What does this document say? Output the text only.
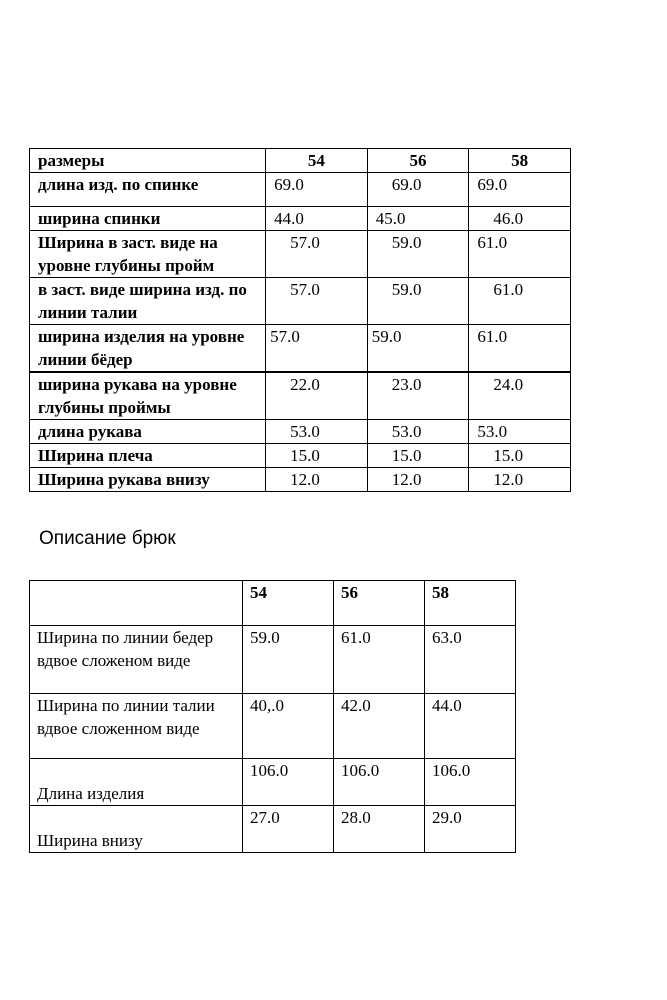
размеры	54	56	58
длина изд. по спинке	69.0	69.0	69.0
ширина спинки	44.0	45.0	46.0
Ширина в заст. виде на уровне глубины пройм	57.0	59.0	61.0
в заст. виде ширина изд. по линии талии	57.0	59.0	61.0
ширина изделия на уровне линии бёдер	57.0	59.0	61.0
ширина рукава на уровне глубины проймы	22.0	23.0	24.0
длина рукава	53.0	53.0	53.0
Ширина плеча	15.0	15.0	15.0
Ширина рукава внизу	12.0	12.0	12.0
Описание брюк
	54	56	58
Ширина по линии бедер вдвое сложеном виде	59.0	61.0	63.0
Ширина по линии талии вдвое сложенном виде	40,.0	42.0	44.0
Длина изделия	106.0	106.0	106.0
Ширина внизу	27.0	28.0	29.0
